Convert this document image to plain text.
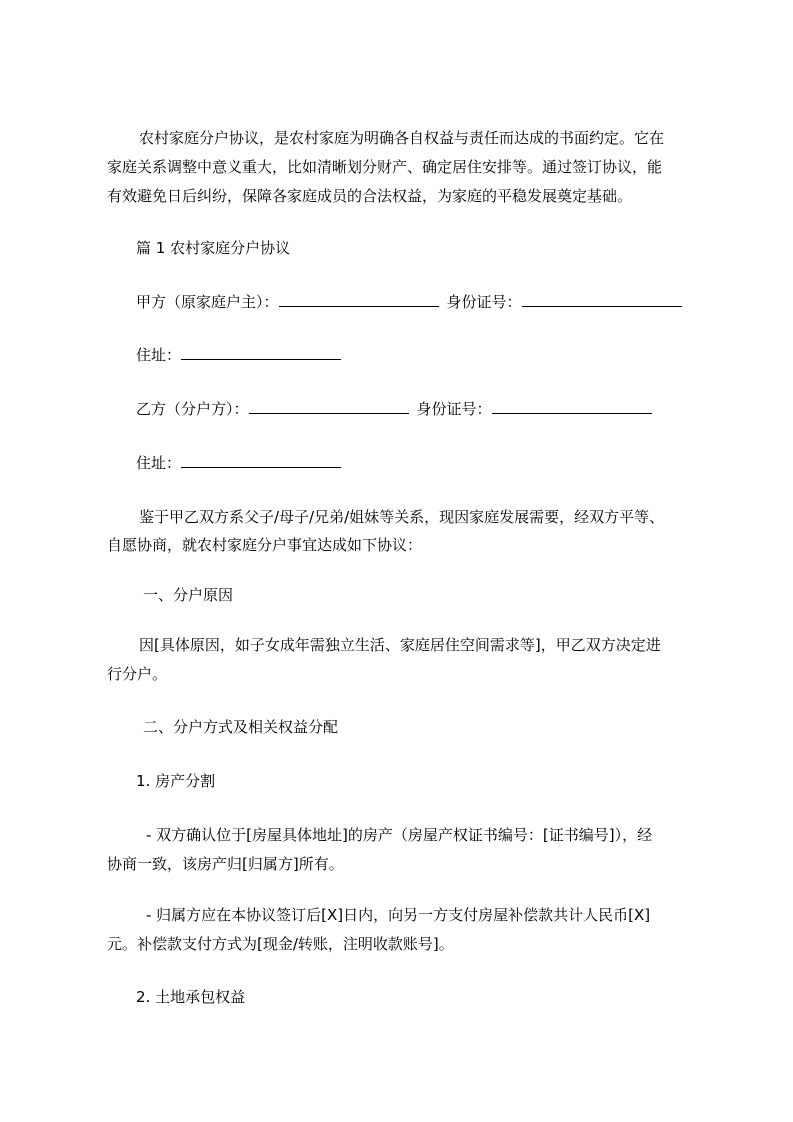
农村家庭分户协议，是农村家庭为明确各自权益与责任而达成的书面约定。它在
家庭关系调整中意义重大，比如清晰划分财产、确定居住安排等。通过签订协议，能
有效避免日后纠纷，保障各家庭成员的合法权益，为家庭的平稳发展奠定基础。
篇 1 农村家庭分户协议
甲方（原家庭户主）：	身份证号：
住址：
乙方（分户方）：	身份证号：
住址：
鉴于甲乙双方系父子/母子/兄弟/姐妹等关系，现因家庭发展需要，经双方平等、
自愿协商，就农村家庭分户事宜达成如下协议：
一、分户原因
因[具体原因，如子女成年需独立生活、家庭居住空间需求等]，甲乙双方决定进
行分户。
二、分户方式及相关权益分配
1. 房产分割
- 双方确认位于[房屋具体地址]的房产（房屋产权证书编号：[证书编号]），经
协商一致，该房产归[归属方]所有。
- 归属方应在本协议签订后[X]日内，向另一方支付房屋补偿款共计人民币[X]
元。补偿款支付方式为[现金/转账，注明收款账号]。
2. 土地承包权益
